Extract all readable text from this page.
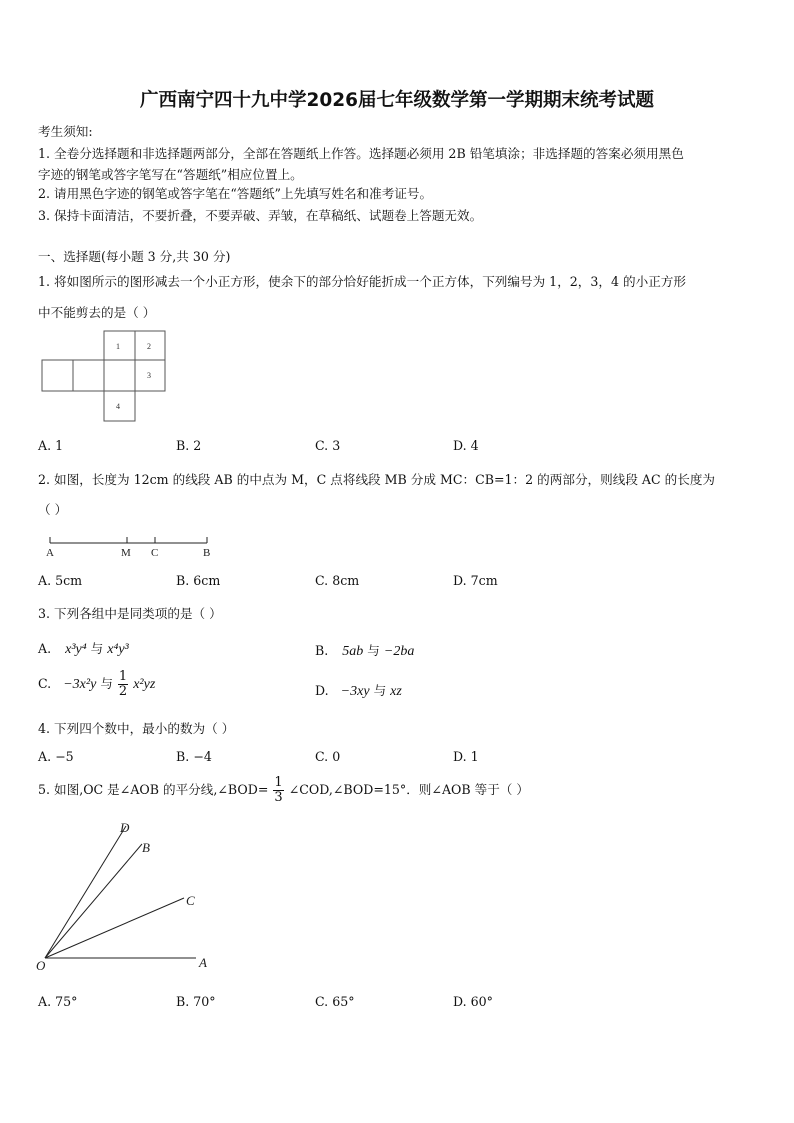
广西南宁四十九中学2026届七年级数学第一学期期末统考试题
考生须知:
1. 全卷分选择题和非选择题两部分，全部在答题纸上作答。选择题必须用 2B 铅笔填涂；非选择题的答案必须用黑色
字迹的钢笔或答字笔写在“答题纸”相应位置上。
2. 请用黑色字迹的钢笔或答字笔在“答题纸”上先填写姓名和准考证号。
3. 保持卡面清洁，不要折叠，不要弄破、弄皱，在草稿纸、试题卷上答题无效。
一、选择题(每小题 3 分,共 30 分)
1. 将如图所示的图形减去一个小正方形，使余下的部分恰好能折成一个正方体，下列编号为 1，2，3，4 的小正方形
中不能剪去的是（ ）
1	2
3
4
A. 1	B. 2	C. 3	D. 4
2. 如图，长度为 12cm 的线段 AB 的中点为 M，C 点将线段 MB 分成 MC：CB=1：2 的两部分，则线段 AC 的长度为
（ ）
A	M C	B
A. 5cm	B. 6cm	C. 8cm	D. 7cm
3. 下列各组中是同类项的是（ ）
A. x³y⁴ 与 x⁴y³	B. 5ab 与 −2ba
C. −3x²y 与 $\frac{1}{2} x^2yz$	D. −3xy 与 xz
4. 下列四个数中，最小的数为（ ）
A. −5	B. −4	C. 0	D. 1
5. 如图,OC 是∠AOB 的平分线,∠BOD= $\frac{1}{3}$ ∠COD,∠BOD=15°．则∠AOB 等于（ ）
D
B
C
O	A
A. 75°	B. 70°	C. 65°	D. 60°
